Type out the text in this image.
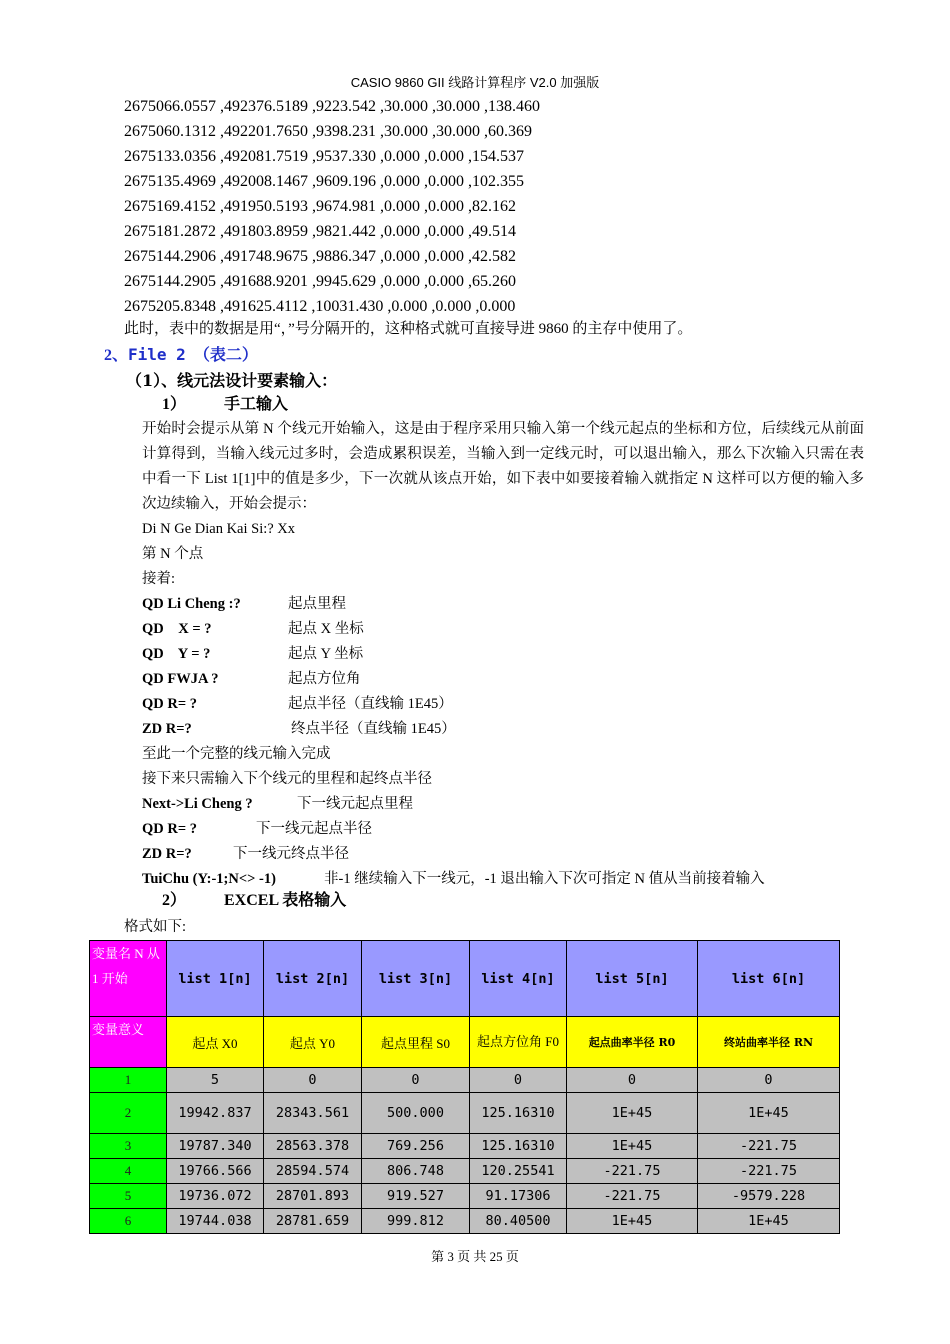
CASIO 9860 GII 线路计算程序 V2.0 加强版
2675066.0557 ,492376.5189 ,9223.542 ,30.000 ,30.000 ,138.460
2675060.1312 ,492201.7650 ,9398.231 ,30.000 ,30.000 ,60.369
2675133.0356 ,492081.7519 ,9537.330 ,0.000 ,0.000 ,154.537
2675135.4969 ,492008.1467 ,9609.196 ,0.000 ,0.000 ,102.355
2675169.4152 ,491950.5193 ,9674.981 ,0.000 ,0.000 ,82.162
2675181.2872 ,491803.8959 ,9821.442 ,0.000 ,0.000 ,49.514
2675144.2906 ,491748.9675 ,9886.347 ,0.000 ,0.000 ,42.582
2675144.2905 ,491688.9201 ,9945.629 ,0.000 ,0.000 ,65.260
2675205.8348 ,491625.4112 ,10031.430 ,0.000 ,0.000 ,0.000
此时，表中的数据是用“，”号分隔开的，这种格式就可直接导进 9860 的主存中使用了。
2、File 2 （表二）
（1）、线元法设计要素输入：
1） 手工输入
开始时会提示从第 N 个线元开始输入，这是由于程序采用只输入第一个线元起点的坐标和方位，后续线元从前面计算得到，当输入线元过多时，会造成累积误差，当输入到一定线元时，可以退出输入，那么下次输入只需在表中看一下 List 1[1]中的值是多少，下一次就从该点开始，如下表中如要接着输入就指定 N 这样可以方便的输入多次边续输入，开始会提示：
Di N Ge Dian Kai Si:? Xx
第 N 个点
接着:
QD Li Cheng :?	起点里程
QD    X = ?	起点 X 坐标
QD    Y = ?	起点 Y 坐标
QD FWJA ?	起点方位角
QD R= ?	起点半径（直线输 1E45）
ZD R=?	终点半径（直线输 1E45）
至此一个完整的线元输入完成
接下来只需输入下个线元的里程和起终点半径
Next->Li Cheng ?	下一线元起点里程
QD R= ?	下一线元起点半径
ZD R=?	下一线元终点半径
TuiChu (Y:-1;N<> -1)	非-1 继续输入下一线元，-1 退出输入下次可指定 N 值从当前接着输入
2） EXCEL 表格输入
格式如下:
变量名 N 从 1 开始	list 1[n]	list 2[n]	list 3[n]	list 4[n]	list 5[n]	list 6[n]
变量意义	起点 X0	起点 Y0	起点里程 S0	起点方位角 F0	起点曲率半径 R0	终站曲率半径 RN
1	5	0	0	0	0	0
2	19942.837	28343.561	500.000	125.16310	1E+45	1E+45
3	19787.340	28563.378	769.256	125.16310	1E+45	-221.75
4	19766.566	28594.574	806.748	120.25541	-221.75	-221.75
5	19736.072	28701.893	919.527	91.17306	-221.75	-9579.228
6	19744.038	28781.659	999.812	80.40500	1E+45	1E+45
第 3 页 共 25 页
